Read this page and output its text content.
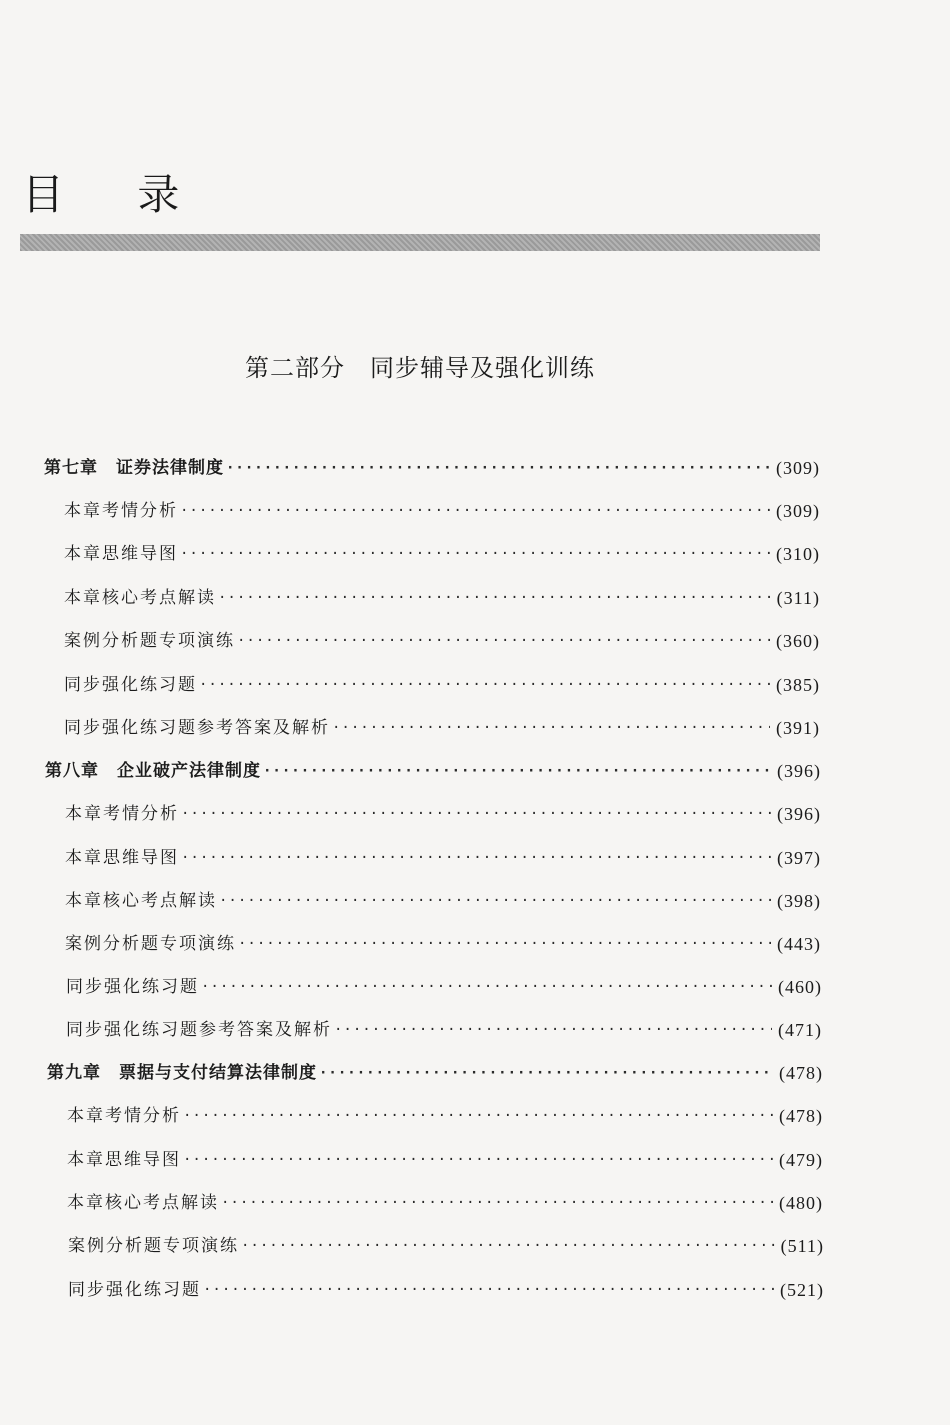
目 录
第二部分　同步辅导及强化训练
第七章　证券法律制度 ·····	(309)
本章考情分析 ·····	(309)
本章思维导图 ·····	(310)
本章核心考点解读 ·····	(311)
案例分析题专项演练 ·····	(360)
同步强化练习题 ·····	(385)
同步强化练习题参考答案及解析 ·····	(391)
第八章　企业破产法律制度 ·····	(396)
本章考情分析 ·····	(396)
本章思维导图 ·····	(397)
本章核心考点解读 ·····	(398)
案例分析题专项演练 ·····	(443)
同步强化练习题 ·····	(460)
同步强化练习题参考答案及解析 ·····	(471)
第九章　票据与支付结算法律制度 ·····	(478)
本章考情分析 ·····	(478)
本章思维导图 ·····	(479)
本章核心考点解读 ·····	(480)
案例分析题专项演练 ·····	(511)
同步强化练习题 ·····	(521)
